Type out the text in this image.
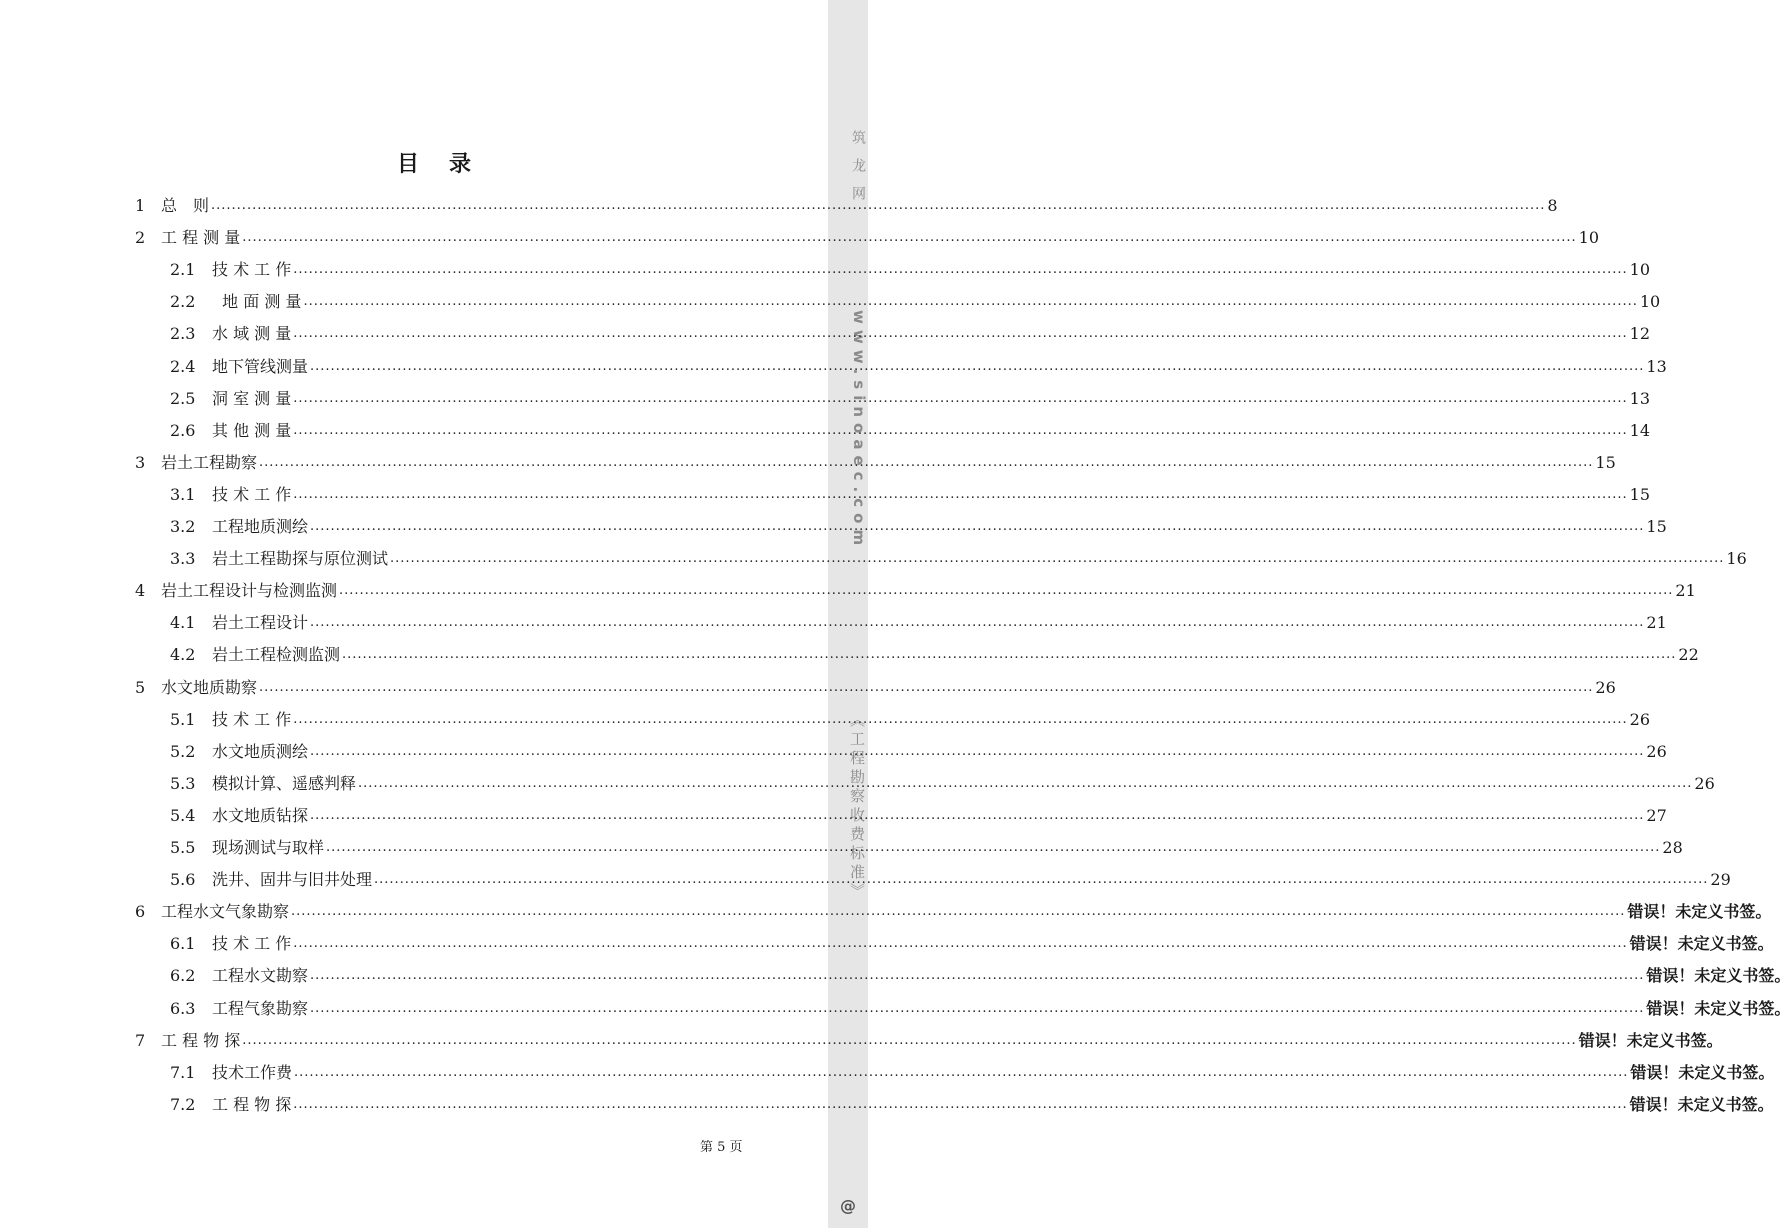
筑龙网
www.sinoaec.com
《工程勘察收费标准》
@
目录
1 总　则 .................................................................................................................................................................................................................................................................... 8
2 工 程 测 量 .................................................................................................................................................................................................................................................................... 10
2.1	技 术 工 作 .................................................................................................................................................................................................................................................................... 10
2.2	地 面 测 量 .................................................................................................................................................................................................................................................................... 10
2.3	水 域 测 量 .................................................................................................................................................................................................................................................................... 12
2.4	地下管线测量 .................................................................................................................................................................................................................................................................... 13
2.5	洞 室 测 量 .................................................................................................................................................................................................................................................................... 13
2.6	其 他 测 量 .................................................................................................................................................................................................................................................................... 14
3 岩土工程勘察 .................................................................................................................................................................................................................................................................... 15
3.1	技 术 工 作 .................................................................................................................................................................................................................................................................... 15
3.2	工程地质测绘 .................................................................................................................................................................................................................................................................... 15
3.3	岩土工程勘探与原位测试 .................................................................................................................................................................................................................................................................... 16
4 岩土工程设计与检测监测 .................................................................................................................................................................................................................................................................... 21
4.1	岩土工程设计 .................................................................................................................................................................................................................................................................... 21
4.2	岩土工程检测监测 .................................................................................................................................................................................................................................................................... 22
5 水文地质勘察 .................................................................................................................................................................................................................................................................... 26
5.1	技 术 工 作 .................................................................................................................................................................................................................................................................... 26
5.2	水文地质测绘 .................................................................................................................................................................................................................................................................... 26
5.3	模拟计算、遥感判释 .................................................................................................................................................................................................................................................................... 26
5.4	水文地质钻探 .................................................................................................................................................................................................................................................................... 27
5.5	现场测试与取样 .................................................................................................................................................................................................................................................................... 28
5.6	洗井、固井与旧井处理 .................................................................................................................................................................................................................................................................... 29
6 工程水文气象勘察 .................................................................................................................................................................................................................................................................... 错误！未定义书签。
6.1	技 术 工 作 .................................................................................................................................................................................................................................................................... 错误！未定义书签。
6.2	工程水文勘察 .................................................................................................................................................................................................................................................................... 错误！未定义书签。
6.3	工程气象勘察 .................................................................................................................................................................................................................................................................... 错误！未定义书签。
7 工 程 物 探 .................................................................................................................................................................................................................................................................... 错误！未定义书签。
7.1	技术工作费 .................................................................................................................................................................................................................................................................... 错误！未定义书签。
7.2	工 程 物 探 .................................................................................................................................................................................................................................................................... 错误！未定义书签。
第 5 页
